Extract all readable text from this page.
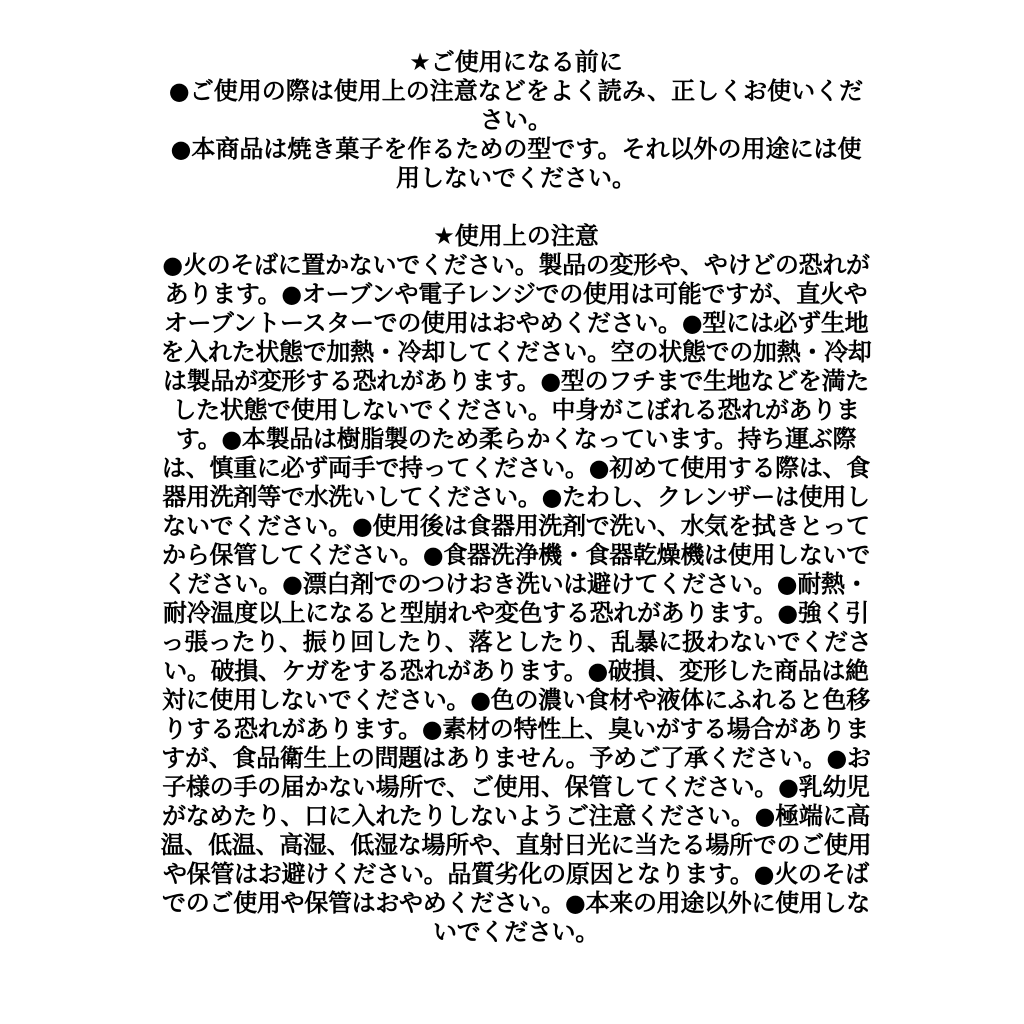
★ご使用になる前に

●ご使用の際は使用上の注意などをよく読み、正しくお使いください。

●本商品は焼き菓子を作るための型です。それ以外の用途には使用しないでください。

★使用上の注意

●火のそばに置かないでください。製品の変形や、やけどの恐れがあります。●オーブンや電子レンジでの使用は可能ですが、直火やオーブントースターでの使用はおやめください。●型には必ず生地を入れた状態で加熱・冷却してください。空の状態での加熱・冷却は製品が変形する恐れがあります。●型のフチまで生地などを満たした状態で使用しないでください。中身がこぼれる恐れがあります。●本製品は樹脂製のため柔らかくなっています。持ち運ぶ際は、慎重に必ず両手で持ってください。●初めて使用する際は、食器用洗剤等で水洗いしてください。●たわし、クレンザーは使用しないでください。●使用後は食器用洗剤で洗い、水気を拭きとってから保管してください。●食器洗浄機・食器乾燥機は使用しないでください。●漂白剤でのつけおき洗いは避けてください。●耐熱・耐冷温度以上になると型崩れや変色する恐れがあります。●強く引っ張ったり、振り回したり、落としたり、乱暴に扱わないでください。破損、ケガをする恐れがあります。●破損、変形した商品は絶対に使用しないでください。●色の濃い食材や液体にふれると色移りする恐れがあります。●素材の特性上、臭いがする場合がありますが、食品衛生上の問題はありません。予めご了承ください。●お子様の手の届かない場所で、ご使用、保管してください。●乳幼児がなめたり、口に入れたりしないようご注意ください。●極端に高温、低温、高湿、低湿な場所や、直射日光に当たる場所でのご使用や保管はお避けください。品質劣化の原因となります。●火のそばでのご使用や保管はおやめください。●本来の用途以外に使用しないでください。
